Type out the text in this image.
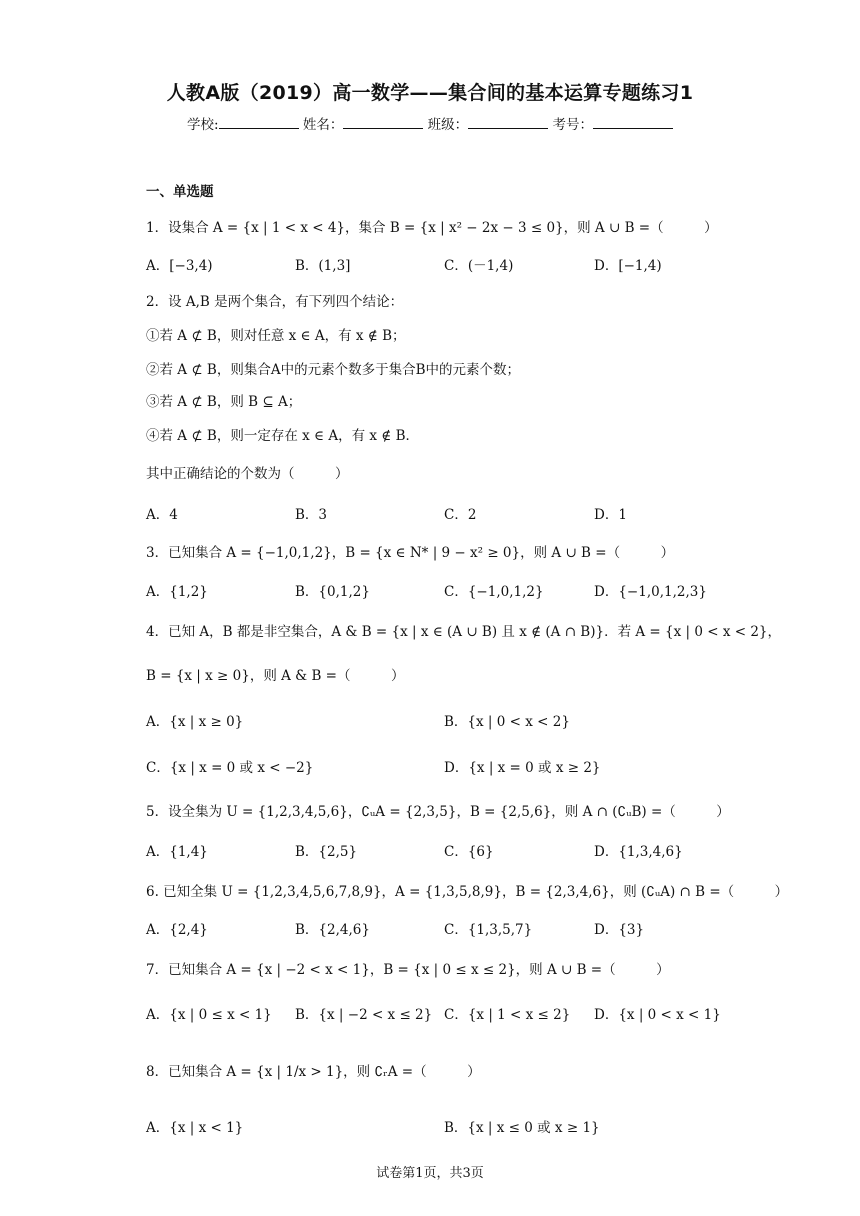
人教A版（2019）高一数学——集合间的基本运算专题练习1
学校:	姓名：	班级：	考号：
一、单选题
1．设集合 A = {x | 1 < x < 4}，集合 B = {x | x² − 2x − 3 ≤ 0}，则 A ∪ B =（　　　）
A．[−3,4)	B．(1,3]	C．(－1,4)	D．[−1,4)
2．设 A,B 是两个集合，有下列四个结论：
①若 A ⊄ B，则对任意 x ∈ A，有 x ∉ B；
②若 A ⊄ B，则集合A中的元素个数多于集合B中的元素个数；
③若 A ⊄ B，则 B ⊆ A；
④若 A ⊄ B，则一定存在 x ∈ A，有 x ∉ B．
其中正确结论的个数为（　　　）
A．4	B．3	C．2	D．1
3．已知集合 A = {−1,0,1,2}，B = {x ∈ N* | 9 − x² ≥ 0}，则 A ∪ B =（　　　）
A．{1,2}	B．{0,1,2}	C．{−1,0,1,2}	D．{−1,0,1,2,3}
4．已知 A，B 都是非空集合，A & B = {x | x ∈ (A ∪ B) 且 x ∉ (A ∩ B)}．若 A = {x | 0 < x < 2}，
B = {x | x ≥ 0}，则 A & B =（　　　）
A．{x | x ≥ 0}	B．{x | 0 < x < 2}
C．{x | x = 0 或 x < −2}	D．{x | x = 0 或 x ≥ 2}
5．设全集为 U = {1,2,3,4,5,6}，∁ᵤA = {2,3,5}，B = {2,5,6}，则 A ∩ (∁ᵤB) =（　　　）
A．{1,4}	B．{2,5}	C．{6}	D．{1,3,4,6}
6. 已知全集 U = {1,2,3,4,5,6,7,8,9}，A = {1,3,5,8,9}，B = {2,3,4,6}，则 (∁ᵤA) ∩ B =（　　　）
A．{2,4}	B．{2,4,6}	C．{1,3,5,7}	D．{3}
7．已知集合 A = {x | −2 < x < 1}，B = {x | 0 ≤ x ≤ 2}，则 A ∪ B =（　　　）
A．{x | 0 ≤ x < 1} B．{x | −2 < x ≤ 2} C．{x | 1 < x ≤ 2} D．{x | 0 < x < 1}
8．已知集合 A = {x | 1/x > 1}，则 ∁ᵣA =（　　　）
A．{x | x < 1}	B．{x | x ≤ 0 或 x ≥ 1}
试卷第1页，共3页
